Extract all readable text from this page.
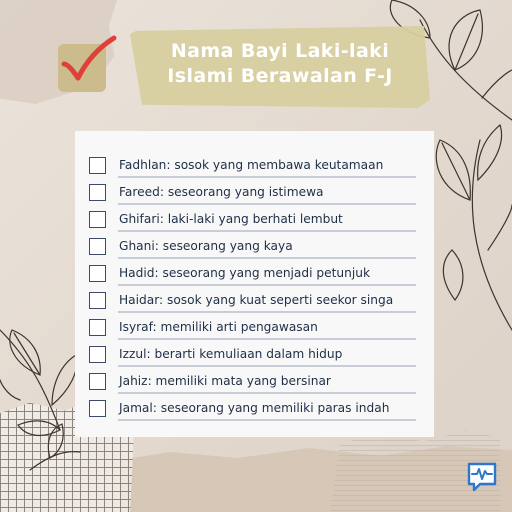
Nama Bayi Laki-laki
Islami Berawalan F-J
Fadhlan: sosok yang membawa keutamaan
Fareed: seseorang yang istimewa
Ghifari: laki-laki yang berhati lembut
Ghani: seseorang yang kaya
Hadid: seseorang yang menjadi petunjuk
Haidar: sosok yang kuat seperti seekor singa
Isyraf: memiliki arti pengawasan
Izzul: berarti kemuliaan dalam hidup
Jahiz: memiliki mata yang bersinar
Jamal: seseorang yang memiliki paras indah
